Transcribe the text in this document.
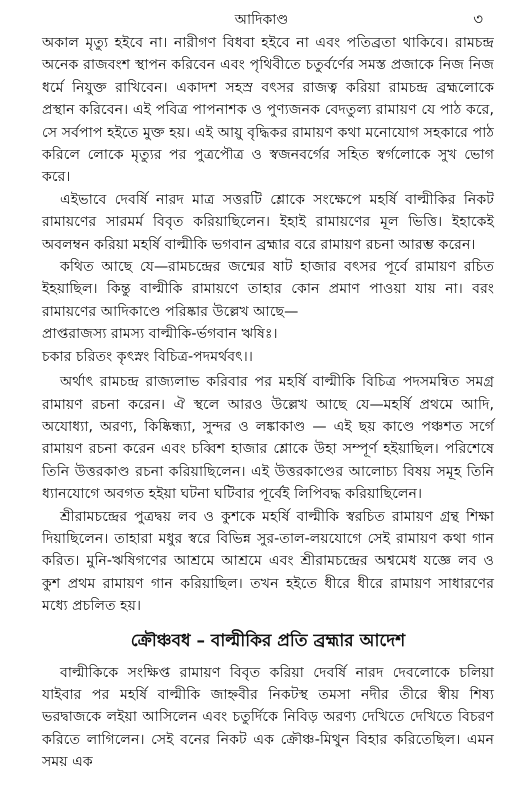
আদিকাণ্ড	৩

অকাল মৃত্যু হইবে না। নারীগণ বিধবা হইবে না এবং পতিব্রতা থাকিবে। রামচন্দ্র অনেক রাজবংশ স্থাপন করিবেন এবং পৃথিবীতে চতুর্বর্ণের সমস্ত প্রজাকে নিজ নিজ ধর্মে নিযুক্ত রাখিবেন। একাদশ সহস্র বৎসর রাজত্ব করিয়া রামচন্দ্র ব্রহ্মলোকে প্রস্থান করিবেন। এই পবিত্র পাপনাশক ও পুণ্যজনক বেদতুল্য রামায়ণ যে পাঠ করে, সে সর্বপাপ হইতে মুক্ত হয়। এই আয়ু বৃদ্ধিকর রামায়ণ কথা মনোযোগ সহকারে পাঠ করিলে লোকে মৃত্যুর পর পুত্রপৌত্র ও স্বজনবর্গের সহিত স্বর্গলোকে সুখ ভোগ করে।

এইভাবে দেবর্ষি নারদ মাত্র সত্তরটি শ্লোকে সংক্ষেপে মহর্ষি বাল্মীকির নিকট রামায়ণের সারমর্ম বিবৃত করিয়াছিলেন। ইহাই রামায়ণের মূল ভিত্তি। ইহাকেই অবলম্বন করিয়া মহর্ষি বাল্মীকি ভগবান ব্রহ্মার বরে রামায়ণ রচনা আরম্ভ করেন।

কথিত আছে যে—রামচন্দ্রের জন্মের ষাট হাজার বৎসর পূর্বে রামায়ণ রচিত ইহয়াছিল। কিন্তু বাল্মীকি রামায়ণে তাহার কোন প্রমাণ পাওয়া যায় না। বরং রামায়ণের আদিকাণ্ডে পরিষ্কার উল্লেখ আছে—

প্রাপ্তরাজস্য রামস্য বাল্মীকি-র্ভগবান ঋষিঃ।

চকার চরিতং কৃৎস্নং বিচিত্র-পদমর্থবৎ।।

অর্থাৎ রামচন্দ্র রাজ্যলাভ করিবার পর মহর্ষি বাল্মীকি বিচিত্র পদসমন্বিত সমগ্র রামায়ণ রচনা করেন। ঐ স্থলে আরও উল্লেখ আছে যে—মহর্ষি প্রথমে আদি, অযোধ্যা, অরণ্য, কিষ্কিন্ধ্যা, সুন্দর ও লঙ্কাকাণ্ড — এই ছয় কাণ্ডে পঞ্চশত সর্গে রামায়ণ রচনা করেন এবং চব্বিশ হাজার শ্লোকে উহা সম্পূর্ণ হইয়াছিল। পরিশেষে তিনি উত্তরকাণ্ড রচনা করিয়াছিলেন। এই উত্তরকাণ্ডের আলোচ্য বিষয় সমূহ তিনি ধ্যানযোগে অবগত হইয়া ঘটনা ঘটিবার পূর্বেই লিপিবদ্ধ করিয়াছিলেন।

শ্রীরামচন্দ্রের পুত্রদ্বয় লব ও কুশকে মহর্ষি বাল্মীকি স্বরচিত রামায়ণ গ্রন্থ শিক্ষা দিয়াছিলেন। তাহারা মধুর স্বরে বিভিন্ন সুর-তাল-লয়যোগে সেই রামায়ণ কথা গান করিত। মুনি-ঋষিগণের আশ্রমে আশ্রমে এবং শ্রীরামচন্দ্রের অশ্বমেধ যজ্ঞে লব ও কুশ প্রথম রামায়ণ গান করিয়াছিল। তখন হইতে ধীরে ধীরে রামায়ণ সাধারণের মধ্যে প্রচলিত হয়।

ক্রৌঞ্চবধ – বাল্মীকির প্রতি ব্রহ্মার আদেশ

বাল্মীকিকে সংক্ষিপ্ত রামায়ণ বিবৃত করিয়া দেবর্ষি নারদ দেবলোকে চলিয়া যাইবার পর মহর্ষি বাল্মীকি জাহ্নবীর নিকটস্থ তমসা নদীর তীরে স্বীয় শিষ্য ভরদ্বাজকে লইয়া আসিলেন এবং চতুর্দিকে নিবিড় অরণ্য দেখিতে দেখিতে বিচরণ করিতে লাগিলেন। সেই বনের নিকট এক ক্রৌঞ্চ-মিথুন বিহার করিতেছিল। এমন সময় এক
